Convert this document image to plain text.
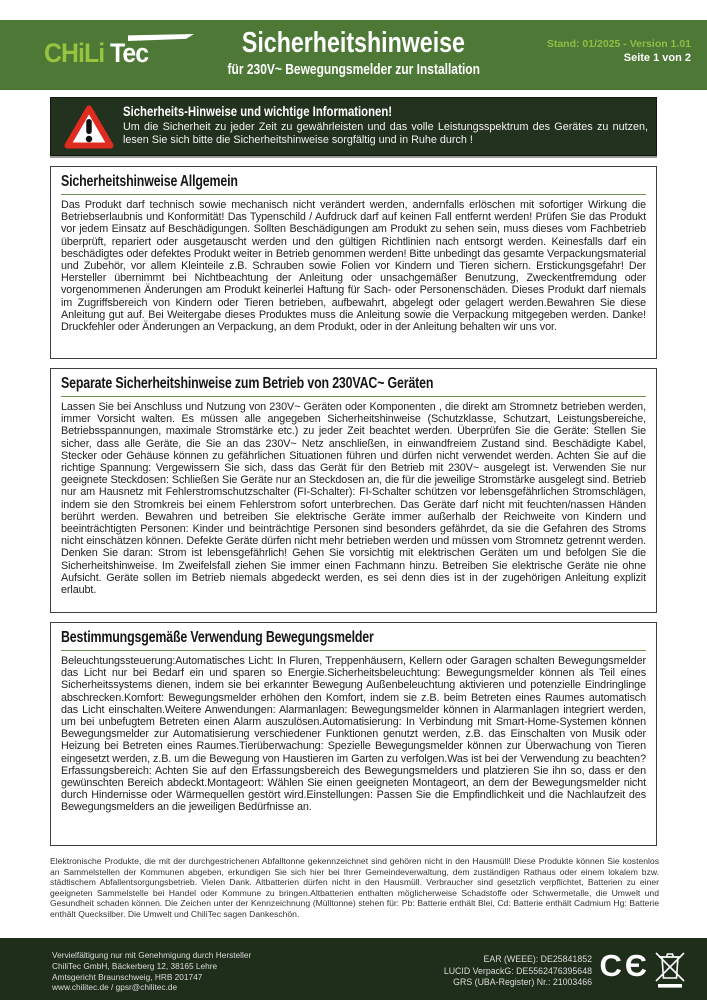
CHiLi Tec	Sicherheitshinweise
für 230V~ Bewegungsmelder zur Installation
Stand: 01/2025 - Version 1.01
Seite 1 von 2
Sicherheits-Hinweise und wichtige Informationen!
Um die Sicherheit zu jeder Zeit zu gewährleisten und das volle Leistungsspektrum des Gerätes zu nutzen, lesen Sie sich bitte die Sicherheitshinweise sorgfältig und in Ruhe durch !
Sicherheitshinweise Allgemein
Das Produkt darf technisch sowie mechanisch nicht verändert werden, andernfalls erlöschen mit sofortiger Wirkung die Betriebserlaubnis und Konformität! Das Typenschild / Aufdruck darf auf keinen Fall entfernt werden! Prüfen Sie das Produkt vor jedem Einsatz auf Beschädigungen. Sollten Beschädigungen am Produkt zu sehen sein, muss dieses vom Fachbetrieb überprüft, repariert oder ausgetauscht werden und den gültigen Richtlinien nach entsorgt werden. Keinesfalls darf ein beschädigtes oder defektes Produkt weiter in Betrieb genommen werden! Bitte unbedingt das gesamte Verpackungsmaterial und Zubehör, vor allem Kleinteile z.B. Schrauben sowie Folien vor Kindern und Tieren sichern. Erstickungsgefahr! Der Hersteller übernimmt bei Nichtbeachtung der Anleitung oder unsachgemäßer Benutzung, Zweckentfremdung oder vorgenommenen Änderungen am Produkt keinerlei Haftung für Sach- oder Personenschäden. Dieses Produkt darf niemals im Zugriffsbereich von Kindern oder Tieren betrieben, aufbewahrt, abgelegt oder gelagert werden.Bewahren Sie diese Anleitung gut auf. Bei Weitergabe dieses Produktes muss die Anleitung sowie die Verpackung mitgegeben werden. Danke! Druckfehler oder Änderungen an Verpackung, an dem Produkt, oder in der Anleitung behalten wir uns vor.
Separate Sicherheitshinweise zum Betrieb von 230VAC~ Geräten
Lassen Sie bei Anschluss und Nutzung von 230V~ Geräten oder Komponenten , die direkt am Stromnetz betrieben werden, immer Vorsicht walten. Es müssen alle angegeben Sicherheitshinweise (Schutzklasse, Schutzart, Leistungsbereiche, Betriebsspannungen, maximale Stromstärke etc.) zu jeder Zeit beachtet werden. Überprüfen Sie die Geräte: Stellen Sie sicher, dass alle Geräte, die Sie an das 230V~ Netz anschließen, in einwandfreiem Zustand sind. Beschädigte Kabel, Stecker oder Gehäuse können zu gefährlichen Situationen führen und dürfen nicht verwendet werden. Achten Sie auf die richtige Spannung: Vergewissern Sie sich, dass das Gerät für den Betrieb mit 230V~ ausgelegt ist. Verwenden Sie nur geeignete Steckdosen: Schließen Sie Geräte nur an Steckdosen an, die für die jeweilige Stromstärke ausgelegt sind. Betrieb nur am Hausnetz mit Fehlerstromschutzschalter (FI-Schalter): FI-Schalter schützen vor lebensgefährlichen Stromschlägen, indem sie den Stromkreis bei einem Fehlerstrom sofort unterbrechen. Das Geräte darf nicht mit feuchten/nassen Händen berührt werden. Bewahren und betreiben Sie elektrische Geräte immer außerhalb der Reichweite von Kindern und beeinträchtigten Personen: Kinder und beinträchtige Personen sind besonders gefährdet, da sie die Gefahren des Stroms nicht einschätzen können. Defekte Geräte dürfen nicht mehr betrieben werden und müssen vom Stromnetz getrennt werden. Denken Sie daran: Strom ist lebensgefährlich! Gehen Sie vorsichtig mit elektrischen Geräten um und befolgen Sie die Sicherheitshinweise. Im Zweifelsfall ziehen Sie immer einen Fachmann hinzu. Betreiben Sie elektrische Geräte nie ohne Aufsicht. Geräte sollen im Betrieb niemals abgedeckt werden, es sei denn dies ist in der zugehörigen Anleitung explizit erlaubt.
Bestimmungsgemäße Verwendung Bewegungsmelder
Beleuchtungssteuerung:Automatisches Licht: In Fluren, Treppenhäusern, Kellern oder Garagen schalten Bewegungsmelder das Licht nur bei Bedarf ein und sparen so Energie.Sicherheitsbeleuchtung: Bewegungsmelder können als Teil eines Sicherheitssystems dienen, indem sie bei erkannter Bewegung Außenbeleuchtung aktivieren und potenzielle Eindringlinge abschrecken.Komfort: Bewegungsmelder erhöhen den Komfort, indem sie z.B. beim Betreten eines Raumes automatisch das Licht einschalten.Weitere Anwendungen: Alarmanlagen: Bewegungsmelder können in Alarmanlagen integriert werden, um bei unbefugtem Betreten einen Alarm auszulösen.Automatisierung: In Verbindung mit Smart-Home-Systemen können Bewegungsmelder zur Automatisierung verschiedener Funktionen genutzt werden, z.B. das Einschalten von Musik oder Heizung bei Betreten eines Raumes.Tierüberwachung: Spezielle Bewegungsmelder können zur Überwachung von Tieren eingesetzt werden, z.B. um die Bewegung von Haustieren im Garten zu verfolgen.Was ist bei der Verwendung zu beachten?Erfassungsbereich: Achten Sie auf den Erfassungsbereich des Bewegungsmelders und platzieren Sie ihn so, dass er den gewünschten Bereich abdeckt.Montageort: Wählen Sie einen geeigneten Montageort, an dem der Bewegungsmelder nicht durch Hindernisse oder Wärmequellen gestört wird.Einstellungen: Passen Sie die Empfindlichkeit und die Nachlaufzeit des Bewegungsmelders an die jeweiligen Bedürfnisse an.
Elektronische Produkte, die mit der durchgestrichenen Abfalltonne gekennzeichnet sind gehören nicht in den Hausmüll! Diese Produkte können Sie kostenlos an Sammelstellen der Kommunen abgeben, erkundigen Sie sich hier bei Ihrer Gemeindeverwaltung, dem zuständigen Rathaus oder einem lokalem bzw. städtischem Abfallentsorgungsbetrieb. Vielen Dank. Altbatterien dürfen nicht in den Hausmüll. Verbraucher sind gesetzlich verpflichtet, Batterien zu einer geeigneten Sammelstelle bei Handel oder Kommune zu bringen.Altbatterien enthalten möglicherweise Schadstoffe oder Schwermetalle, die Umwelt und Gesundheit schaden können. Die Zeichen unter der Kennzeichnung (Mülltonne) stehen für: Pb: Batterie enthält Blei, Cd: Batterie enthält Cadmium Hg: Batterie enthält Quecksilber. Die Umwelt und ChiliTec sagen Dankeschön.
Vervielfältigung nur mit Genehmigung durch Hersteller
ChiliTec GmbH, Bäckerberg 12, 38165 Lehre
Amtsgericht Braunschweig, HRB 201747
www.chilitec.de / gpsr@chilitec.de
EAR (WEEE): DE25841852
LUCID VerpackG: DE5562476395648
GRS (UBA-Register) Nr.: 21003466 CЄ
